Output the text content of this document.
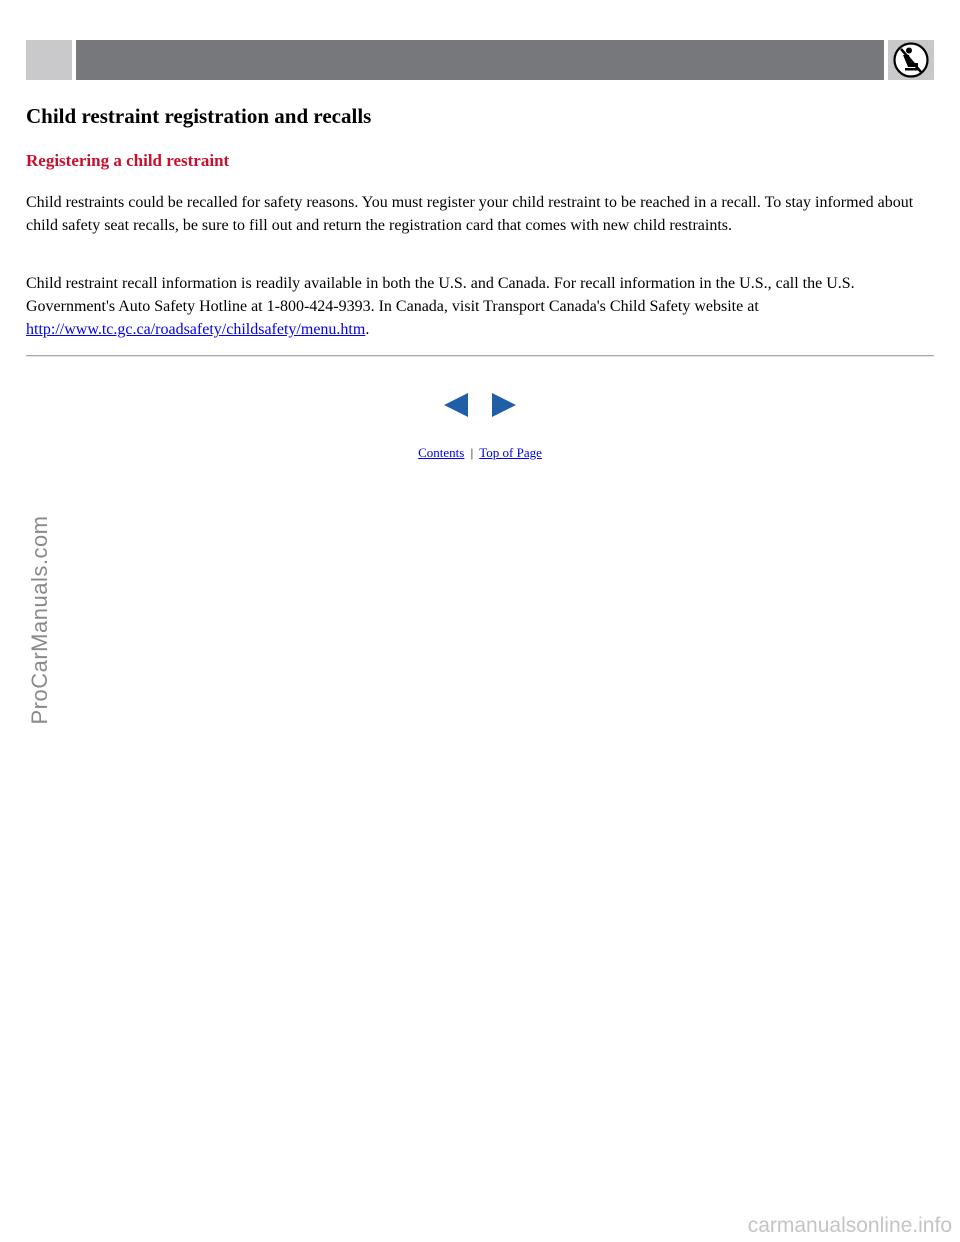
Child restraint registration and recalls
Registering a child restraint

Child restraints could be recalled for safety reasons. You must register your child restraint to be reached in a recall. To stay informed about child safety seat recalls, be sure to fill out and return the registration card that comes with new child restraints.

Child restraint recall information is readily available in both the U.S. and Canada. For recall information in the U.S., call the U.S. Government's Auto Safety Hotline at 1-800-424-9393. In Canada, visit Transport Canada's Child Safety website at http://www.tc.gc.ca/roadsafety/childsafety/menu.htm.

Contents | Top of Page
ProCarManuals.com
carmanualsonline.info
